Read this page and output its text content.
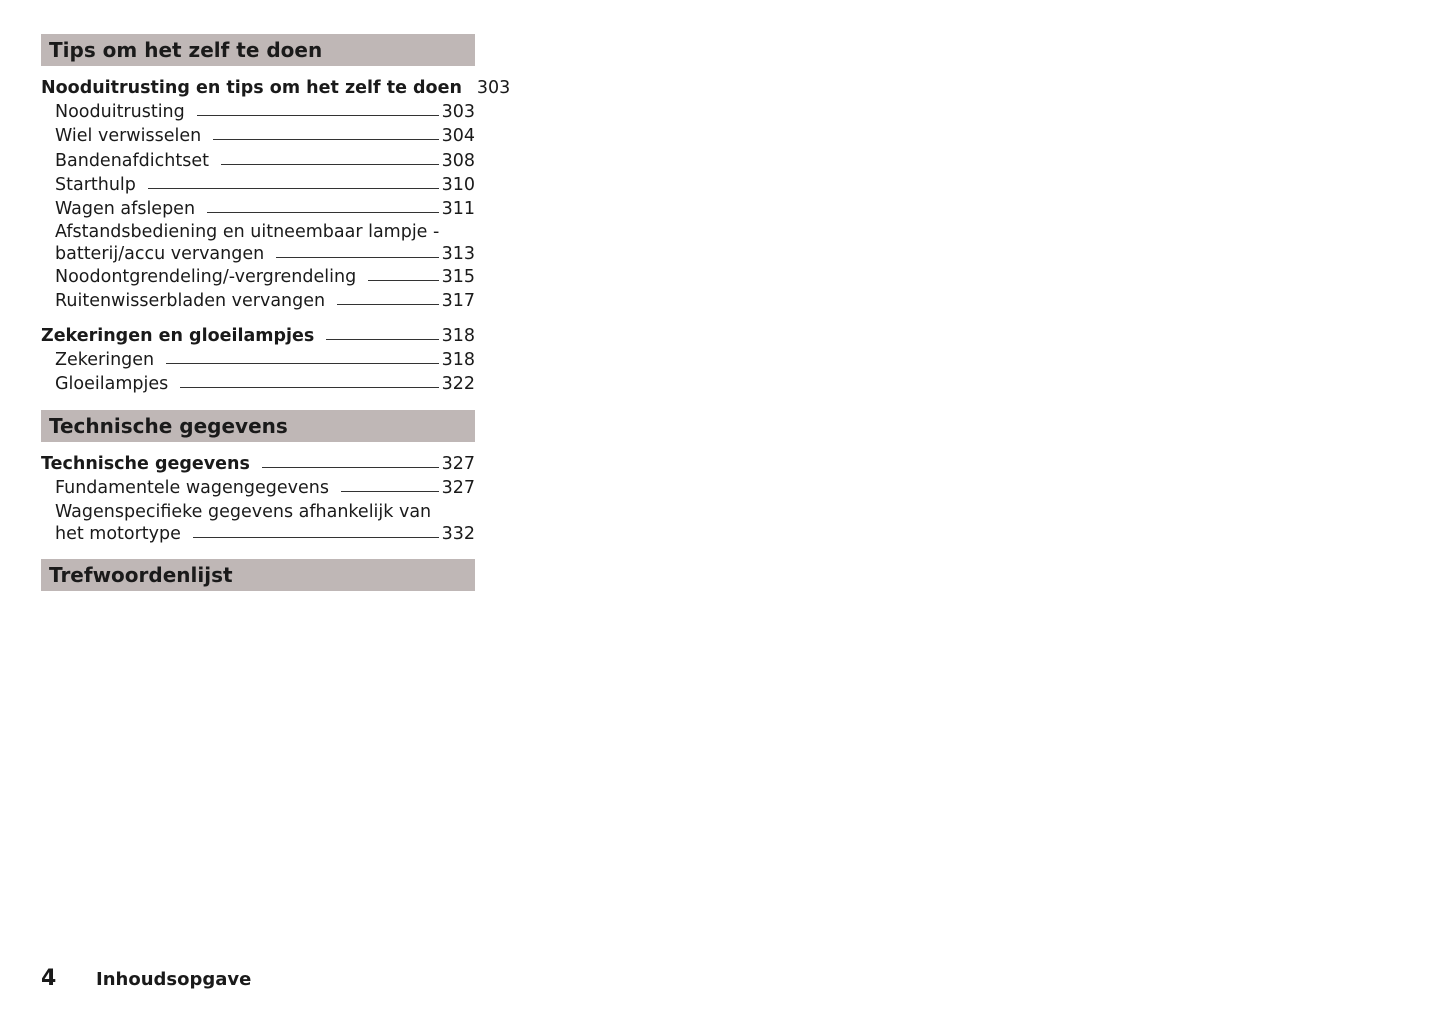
Tips om het zelf te doen
Nooduitrusting en tips om het zelf te doen 303
Nooduitrusting	303
Wiel verwisselen	304
Bandenafdichtset	308
Starthulp	310
Wagen afslepen	311
Afstandsbediening en uitneembaar lampje -
batterij/accu vervangen	313
Noodontgrendeling/-vergrendeling	315
Ruitenwisserbladen vervangen	317
Zekeringen en gloeilampjes	318
Zekeringen	318
Gloeilampjes	322
Technische gegevens
Technische gegevens	327
Fundamentele wagengegevens	327
Wagenspecifieke gegevens afhankelijk van
het motortype	332
Trefwoordenlijst
4	Inhoudsopgave
